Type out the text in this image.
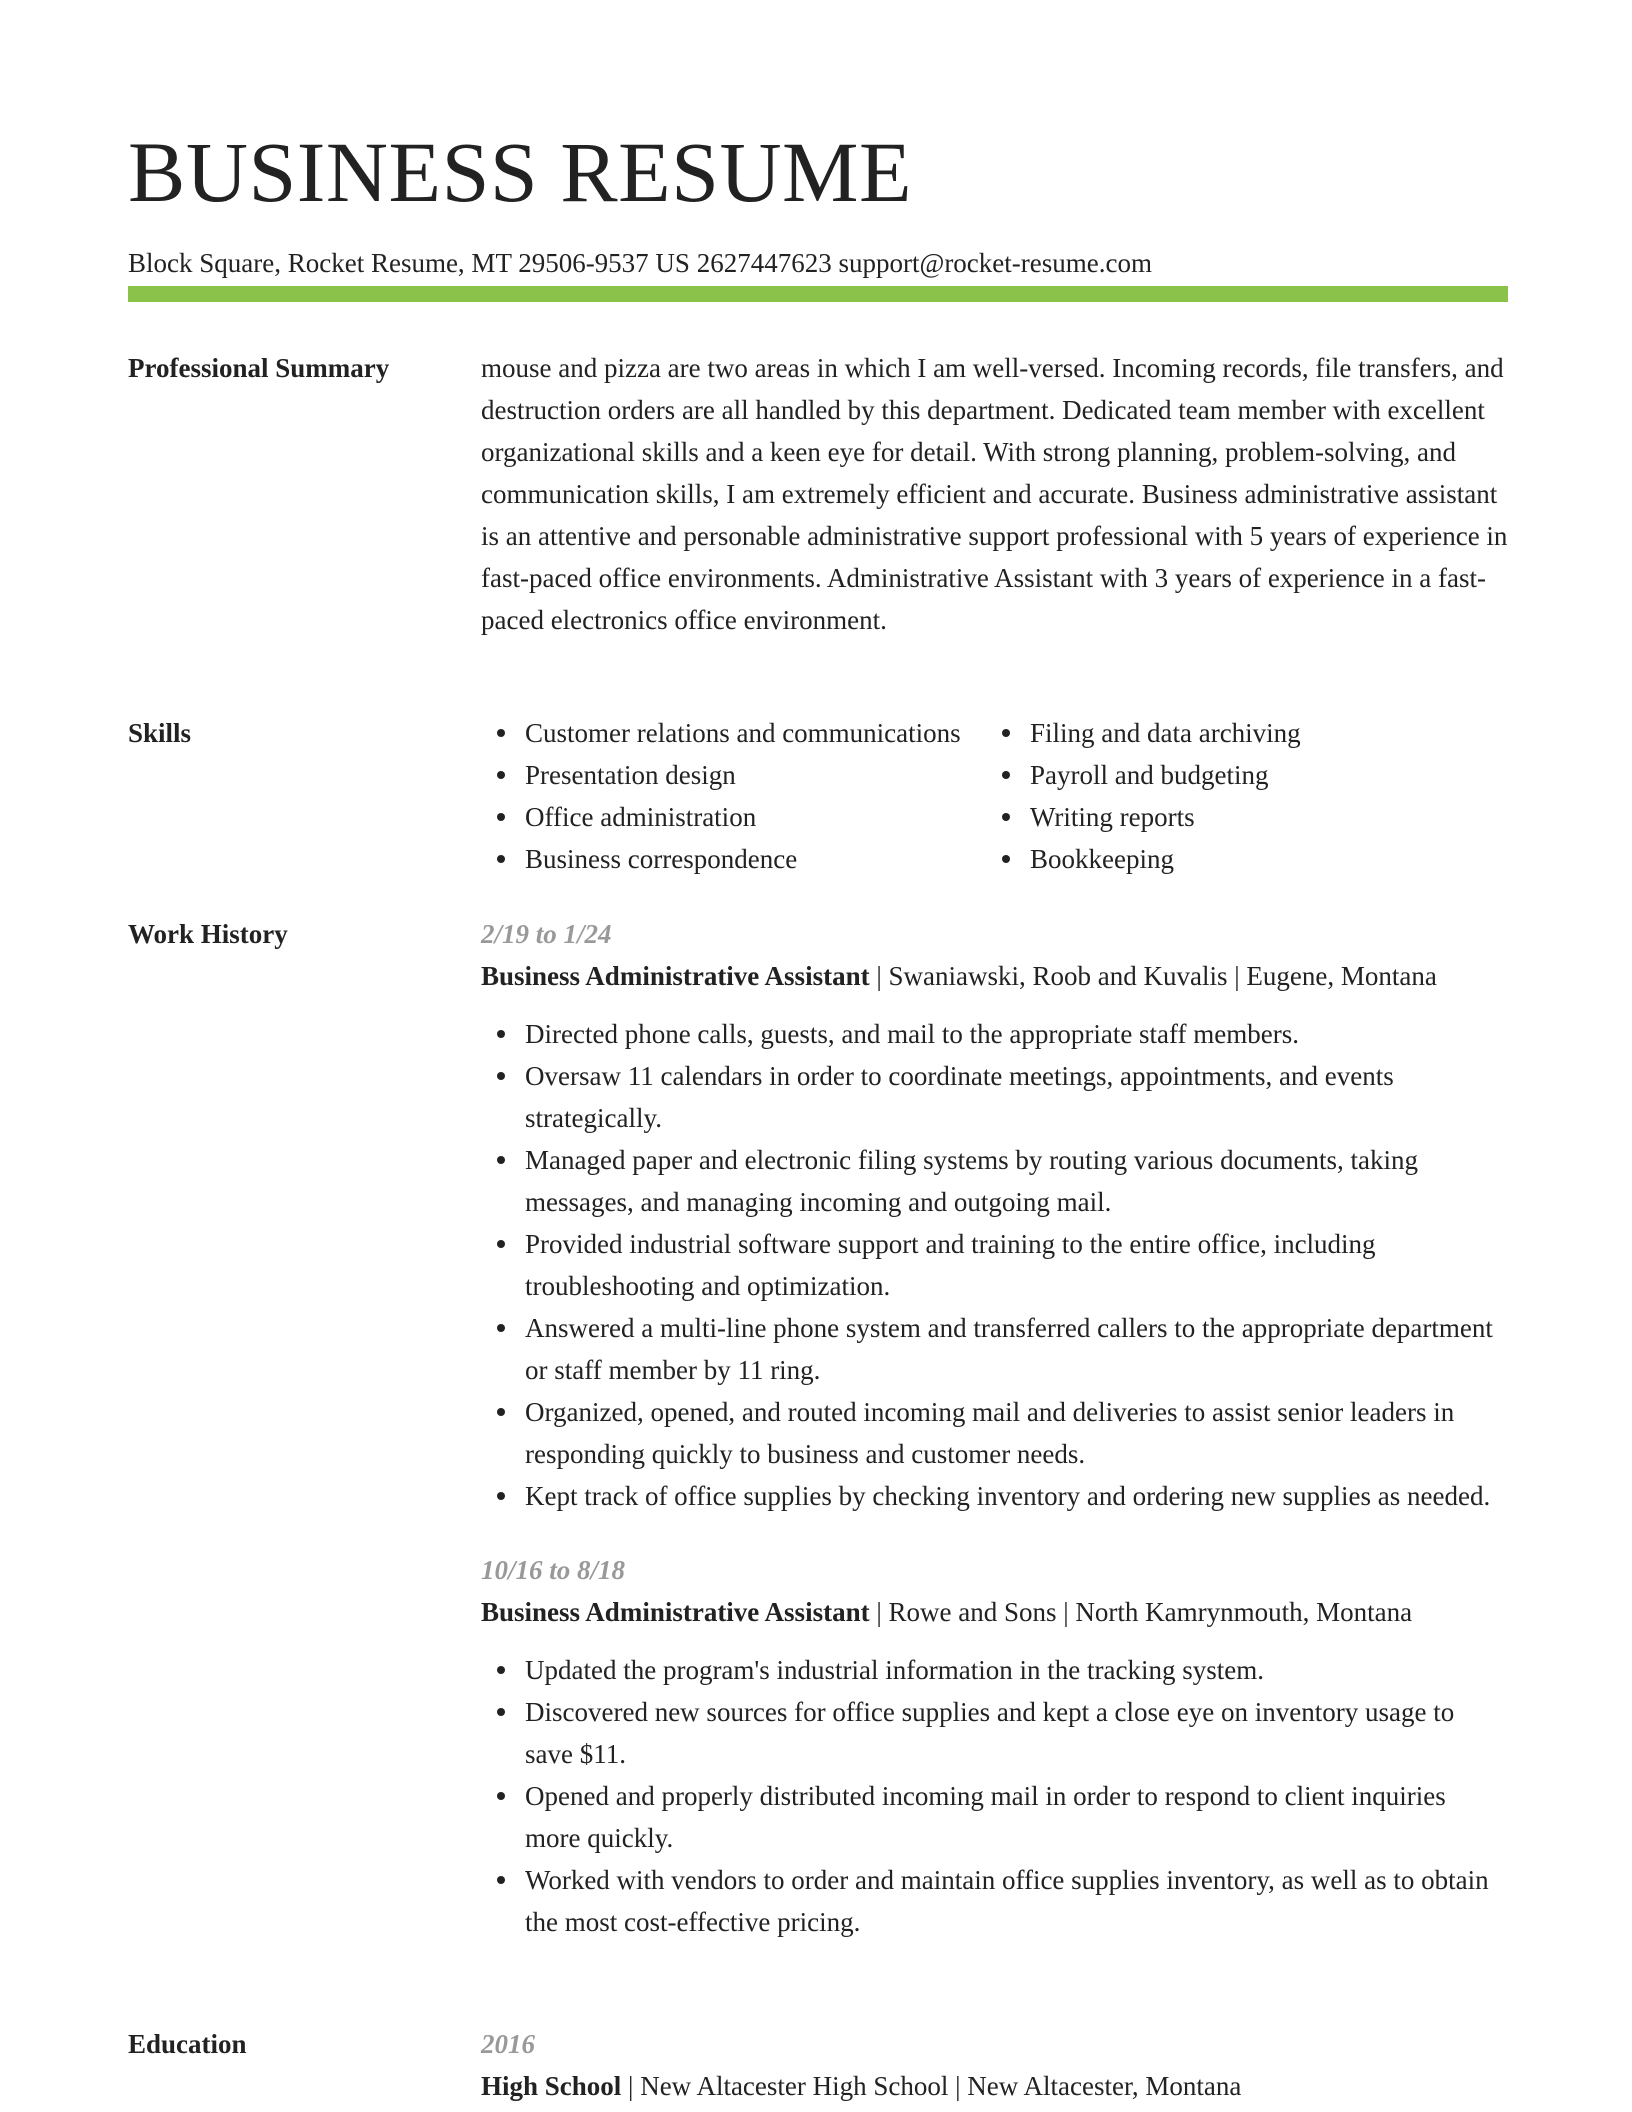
BUSINESS RESUME
Block Square, Rocket Resume, MT 29506-9537 US 2627447623 support@rocket-resume.com
Professional Summary	mouse and pizza are two areas in which I am well-versed. Incoming records, file transfers, and destruction orders are all handled by this department. Dedicated team member with excellent organizational skills and a keen eye for detail. With strong planning, problem-solving, and communication skills, I am extremely efficient and accurate. Business administrative assistant is an attentive and personable administrative support professional with 5 years of experience in fast-paced office environments. Administrative Assistant with 3 years of experience in a fast-paced electronics office environment.

Skills	Customer relations and communications
Presentation design
Office administration
Business correspondence
Filing and data archiving
Payroll and budgeting
Writing reports
Bookkeeping
Work History	2/19 to 1/24
Business Administrative Assistant | Swaniawski, Roob and Kuvalis | Eugene, Montana
Directed phone calls, guests, and mail to the appropriate staff members.
Oversaw 11 calendars in order to coordinate meetings, appointments, and events strategically.
Managed paper and electronic filing systems by routing various documents, taking messages, and managing incoming and outgoing mail.
Provided industrial software support and training to the entire office, including troubleshooting and optimization.
Answered a multi-line phone system and transferred callers to the appropriate department or staff member by 11 ring.
Organized, opened, and routed incoming mail and deliveries to assist senior leaders in responding quickly to business and customer needs.
Kept track of office supplies by checking inventory and ordering new supplies as needed.
10/16 to 8/18
Business Administrative Assistant | Rowe and Sons | North Kamrynmouth, Montana
Updated the program's industrial information in the tracking system.
Discovered new sources for office supplies and kept a close eye on inventory usage to save $11.
Opened and properly distributed incoming mail in order to respond to client inquiries more quickly.
Worked with vendors to order and maintain office supplies inventory, as well as to obtain the most cost-effective pricing.
Education	2016
High School | New Altacester High School | New Altacester, Montana
